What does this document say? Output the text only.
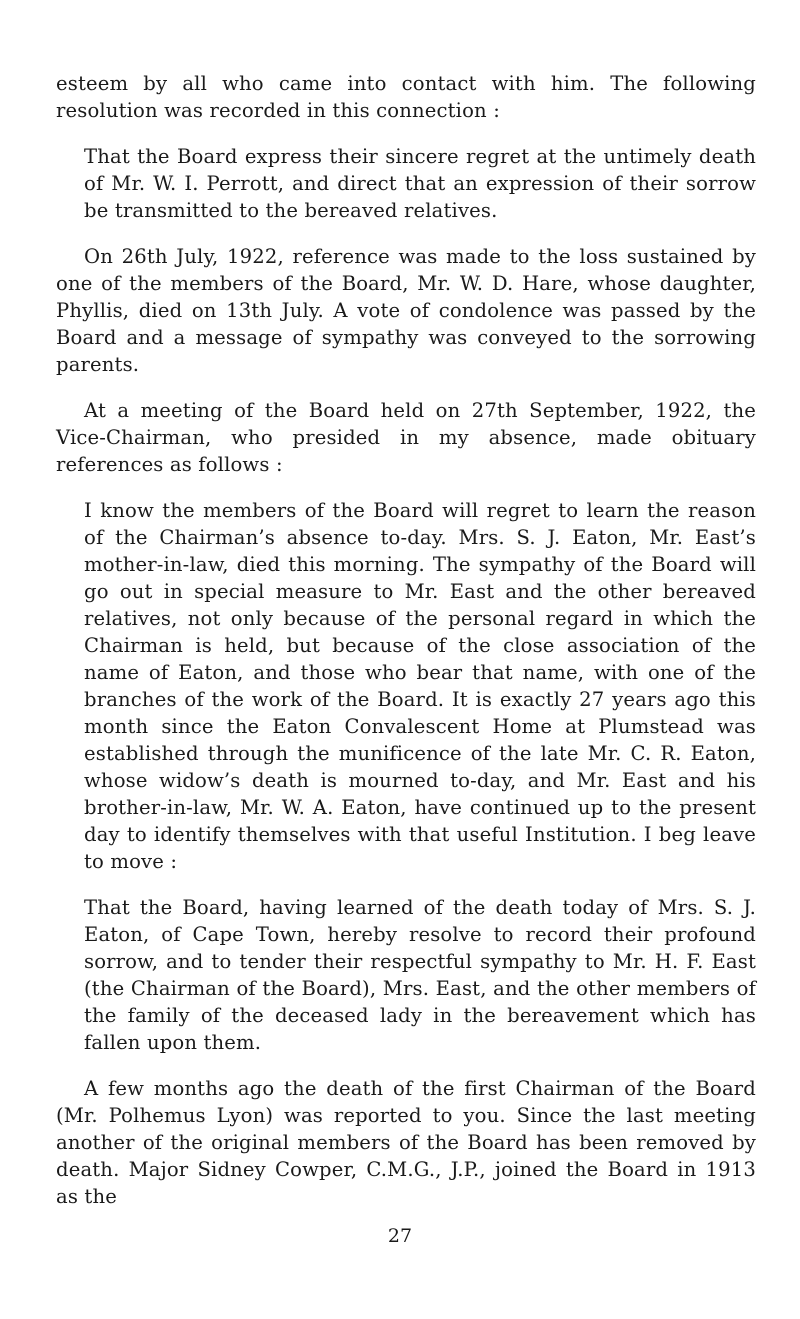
esteem by all who came into contact with him. The following resolution was recorded in this connection :

That the Board express their sincere regret at the untimely death of Mr. W. I. Perrott, and direct that an expression of their sorrow be transmitted to the bereaved relatives.

On 26th July, 1922, reference was made to the loss sustained by one of the members of the Board, Mr. W. D. Hare, whose daughter, Phyllis, died on 13th July. A vote of condolence was passed by the Board and a message of sympathy was conveyed to the sorrowing parents.

At a meeting of the Board held on 27th September, 1922, the Vice-Chairman, who presided in my absence, made obituary references as follows :

I know the members of the Board will regret to learn the reason of the Chairman’s absence to-day. Mrs. S. J. Eaton, Mr. East’s mother-in-law, died this morning. The sympathy of the Board will go out in special measure to Mr. East and the other bereaved relatives, not only because of the personal regard in which the Chairman is held, but because of the close association of the name of Eaton, and those who bear that name, with one of the branches of the work of the Board. It is exactly 27 years ago this month since the Eaton Convalescent Home at Plumstead was established through the munificence of the late Mr. C. R. Eaton, whose widow’s death is mourned to-day, and Mr. East and his brother-in-law, Mr. W. A. Eaton, have continued up to the present day to identify themselves with that useful Institution. I beg leave to move :

That the Board, having learned of the death today of Mrs. S. J. Eaton, of Cape Town, hereby resolve to record their profound sorrow, and to tender their respectful sympathy to Mr. H. F. East (the Chairman of the Board), Mrs. East, and the other members of the family of the deceased lady in the bereavement which has fallen upon them.

A few months ago the death of the first Chairman of the Board (Mr. Polhemus Lyon) was reported to you. Since the last meeting another of the original members of the Board has been removed by death. Major Sidney Cowper, C.M.G., J.P., joined the Board in 1913 as the

27
